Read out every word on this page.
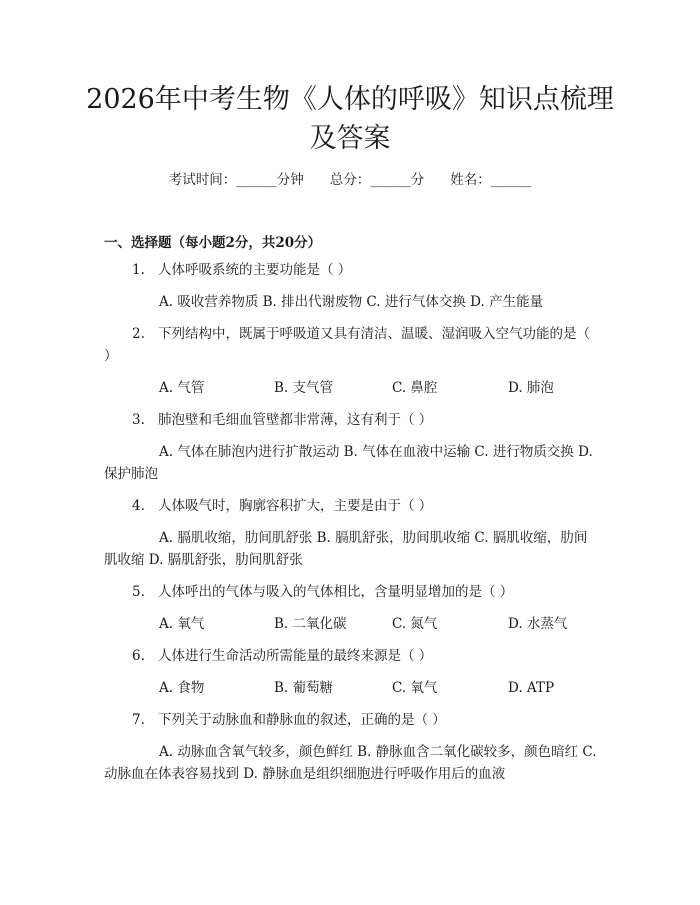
2026年中考生物《人体的呼吸》知识点梳理及答案
考试时间：______分钟 总分：______分 姓名：______
一、选择题（每小题2分，共20分）

1. 人体呼吸系统的主要功能是（ ）

A. 吸收营养物质 B. 排出代谢废物 C. 进行气体交换 D. 产生能量

2. 下列结构中，既属于呼吸道又具有清洁、温暖、湿润吸入空气功能的是（ ）

A. 气管	B. 支气管	C. 鼻腔	D. 肺泡

3. 肺泡壁和毛细血管壁都非常薄，这有利于（ ）

A. 气体在肺泡内进行扩散运动 B. 气体在血液中运输 C. 进行物质交换 D. 保护肺泡

4. 人体吸气时，胸廓容积扩大，主要是由于（ ）

A. 膈肌收缩，肋间肌舒张 B. 膈肌舒张，肋间肌收缩 C. 膈肌收缩，肋间肌收缩 D. 膈肌舒张，肋间肌舒张

5. 人体呼出的气体与吸入的气体相比，含量明显增加的是（ ）

A. 氧气	B. 二氧化碳	C. 氮气	D. 水蒸气

6. 人体进行生命活动所需能量的最终来源是（ ）

A. 食物	B. 葡萄糖	C. 氧气	D. ATP

7. 下列关于动脉血和静脉血的叙述，正确的是（ ）

A. 动脉血含氧气较多，颜色鲜红 B. 静脉血含二氧化碳较多，颜色暗红 C. 动脉血在体表容易找到 D. 静脉血是组织细胞进行呼吸作用后的血液
